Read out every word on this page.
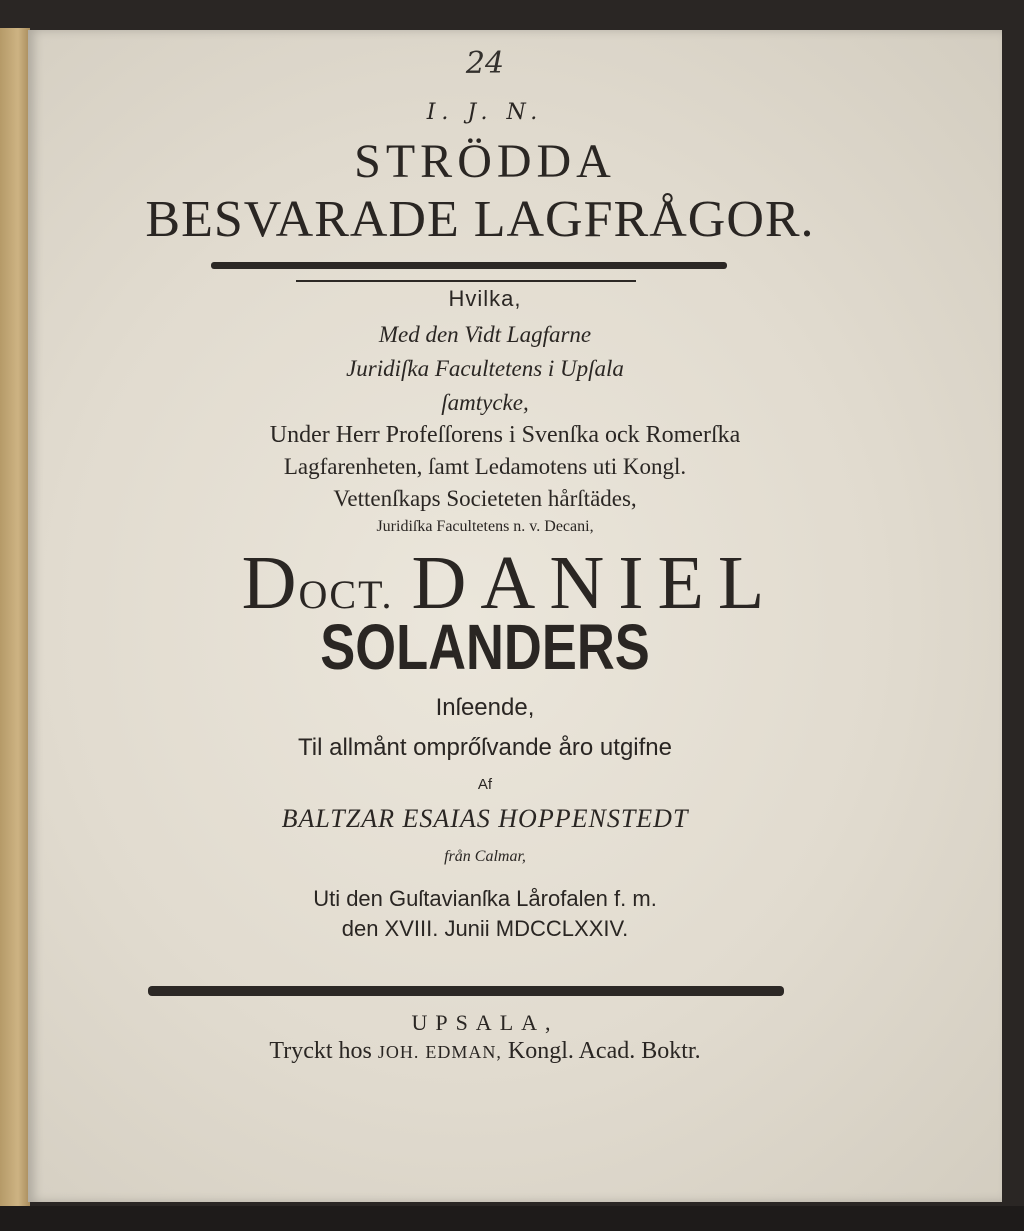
24
I. J. N.
STRÖDDA
BESVARADE LAGFRÅGOR.
Hvilka,
Med den Vidt Lagfarne
Juridiſka Facultetens i Upſala
ſamtycke,
Under Herr Profeſſorens i Svenſka ock Romerſka
Lagfarenheten, ſamt Ledamotens uti Kongl.
Vettenſkaps Societeten hårſtädes,
Juridiſka Facultetens n. v. Decani,
DOCT. DANIEL
SOLANDERS
Inſeende,
Til allmånt omprőſvande åro utgifne
Af
BALTZAR ESAIAS HOPPENSTEDT
från Calmar,
Uti den Guſtavianſka Lårofalen f. m.
den XVIII. Junii MDCCLXXIV.
UPSALA,
Tryckt hos JOH. EDMAN, Kongl. Acad. Boktr.
